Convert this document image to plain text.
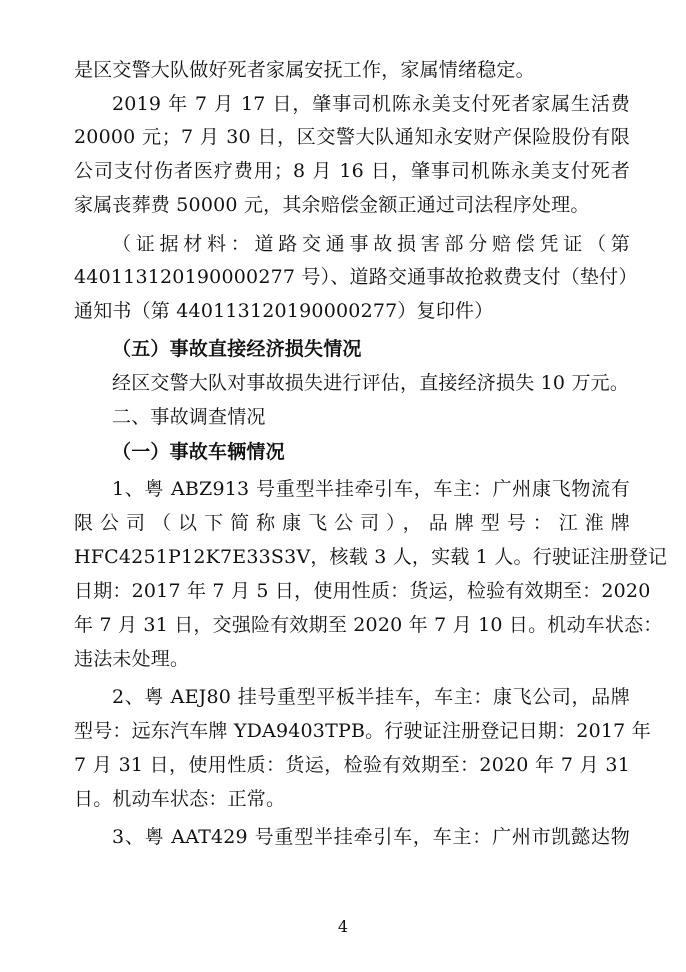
是区交警大队做好死者家属安抚工作，家属情绪稳定。
2019 年 7 月 17 日，肇事司机陈永美支付死者家属生活费
20000 元；7 月 30 日，区交警大队通知永安财产保险股份有限
公司支付伤者医疗费用；8 月 16 日，肇事司机陈永美支付死者
家属丧葬费 50000 元，其余赔偿金额正通过司法程序处理。
（证据材料：道路交通事故损害部分赔偿凭证（第
440113120190000277 号）、道路交通事故抢救费支付（垫付）
通知书（第 440113120190000277）复印件）
（五）事故直接经济损失情况
经区交警大队对事故损失进行评估，直接经济损失 10 万元。
二、事故调查情况
（一）事故车辆情况
1、粤 ABZ913 号重型半挂牵引车，车主：广州康飞物流有
限公司（以下简称康飞公司），品牌型号：江淮牌
HFC4251P12K7E33S3V，核载 3 人，实载 1 人。行驶证注册登记
日期：2017 年 7 月 5 日，使用性质：货运，检验有效期至：2020
年 7 月 31 日，交强险有效期至 2020 年 7 月 10 日。机动车状态：
违法未处理。
2、粤 AEJ80 挂号重型平板半挂车，车主：康飞公司，品牌
型号：远东汽车牌 YDA9403TPB。行驶证注册登记日期：2017 年
7 月 31 日，使用性质：货运，检验有效期至：2020 年 7 月 31
日。机动车状态：正常。
3、粤 AAT429 号重型半挂牵引车，车主：广州市凯懿达物
4
